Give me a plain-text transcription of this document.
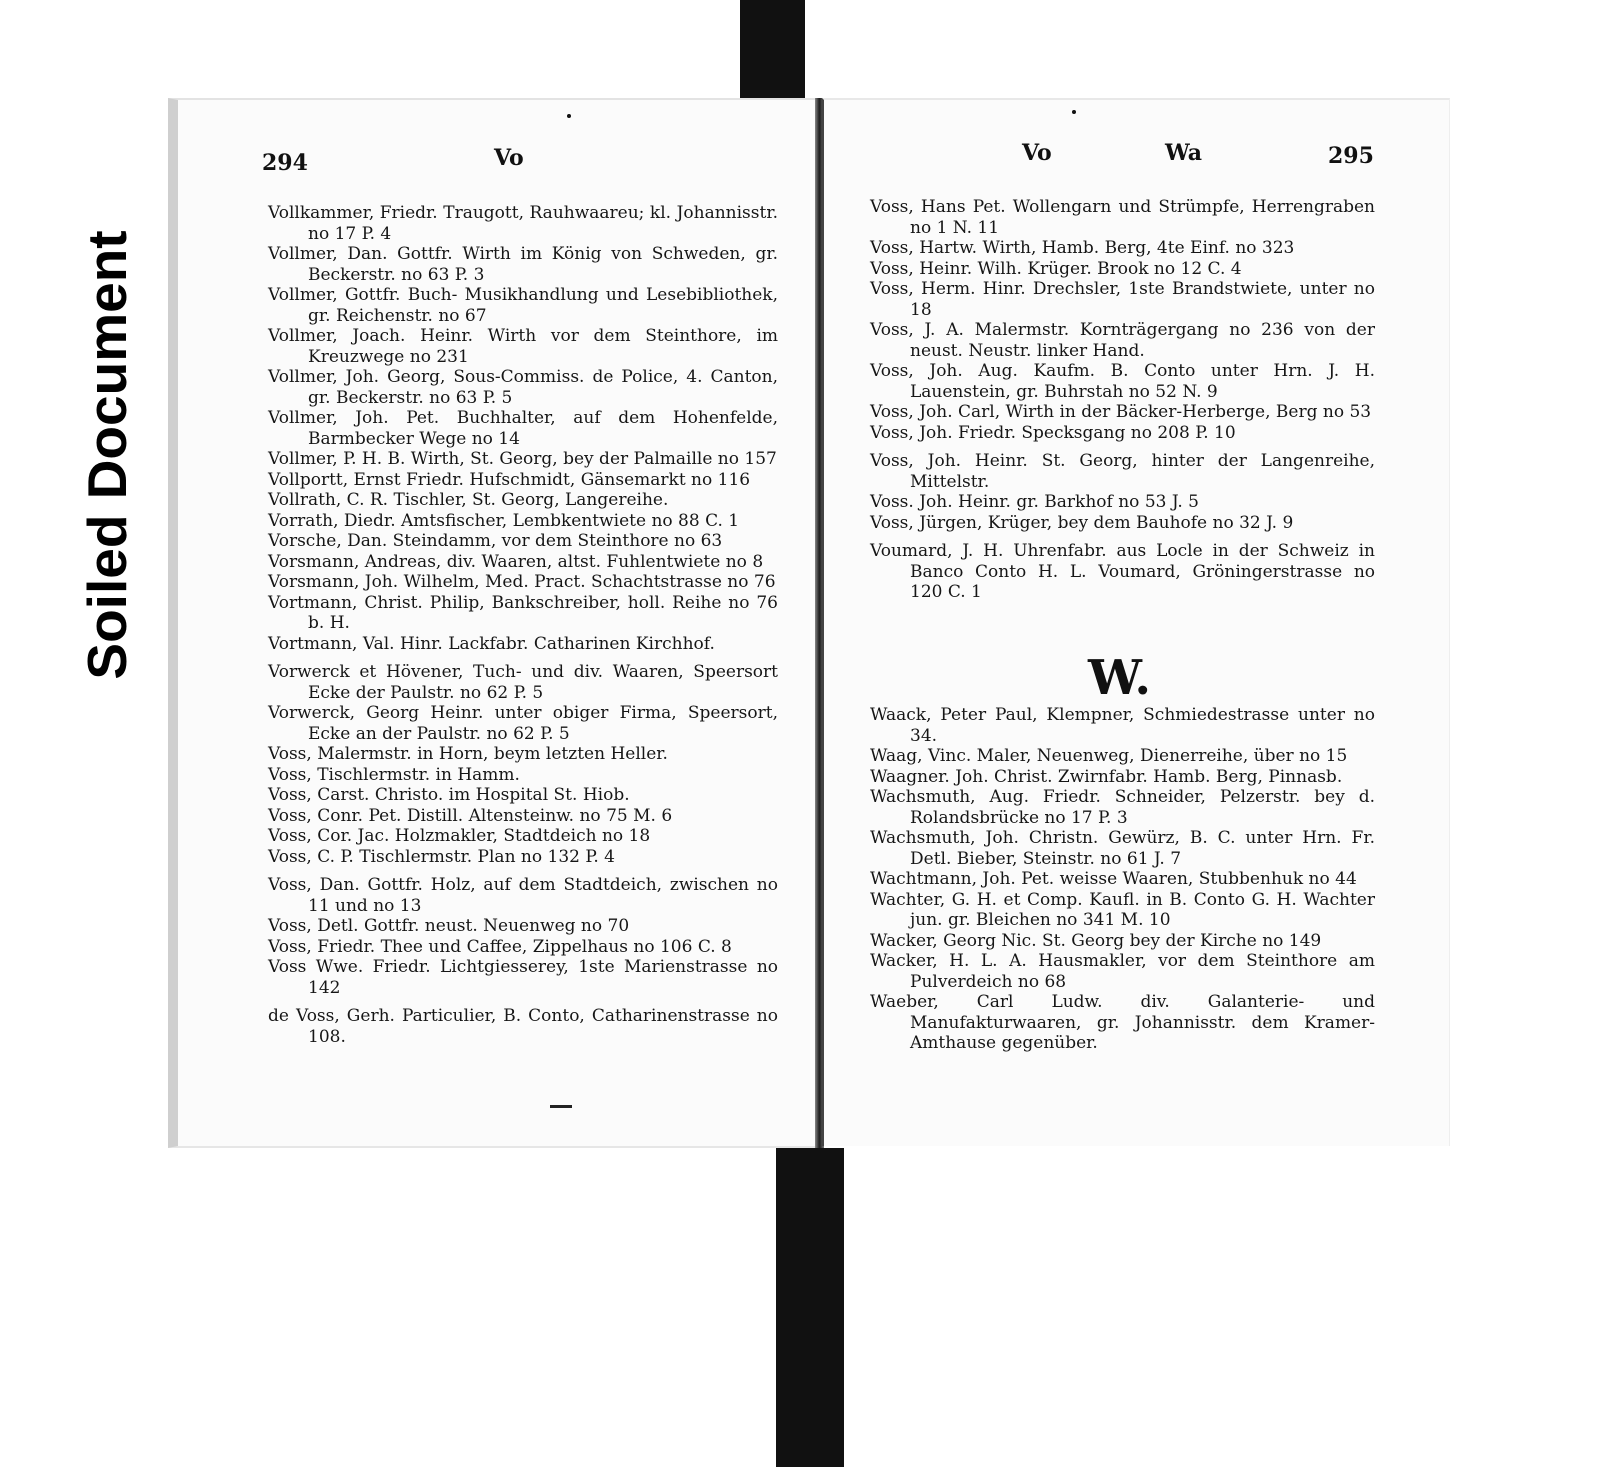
Soiled Document
294	Vo
Vollkammer, Friedr. Traugott, Rauhwaareu; kl. Johannisstr. no 17 P. 4
Vollmer, Dan. Gottfr. Wirth im König von Schweden, gr. Beckerstr. no 63 P. 3
Vollmer, Gottfr. Buch- Musikhandlung und Lesebibliothek, gr. Reichenstr. no 67
Vollmer, Joach. Heinr. Wirth vor dem Steinthore, im Kreuzwege no 231
Vollmer, Joh. Georg, Sous-Commiss. de Police, 4. Canton, gr. Beckerstr. no 63 P. 5
Vollmer, Joh. Pet. Buchhalter, auf dem Hohenfelde, Barmbecker Wege no 14
Vollmer, P. H. B. Wirth, St. Georg, bey der Palmaille no 157
Vollportt, Ernst Friedr. Hufschmidt, Gänsemarkt no 116
Vollrath, C. R. Tischler, St. Georg, Langereihe.
Vorrath, Diedr. Amtsfischer, Lembkentwiete no 88 C. 1
Vorsche, Dan. Steindamm, vor dem Steinthore no 63
Vorsmann, Andreas, div. Waaren, altst. Fuhlentwiete no 8
Vorsmann, Joh. Wilhelm, Med. Pract. Schachtstrasse no 76
Vortmann, Christ. Philip, Bankschreiber, holl. Reihe no 76 b. H.
Vortmann, Val. Hinr. Lackfabr. Catharinen Kirchhof.
Vorwerck et Hövener, Tuch- und div. Waaren, Speersort Ecke der Paulstr. no 62 P. 5
Vorwerck, Georg Heinr. unter obiger Firma, Speersort, Ecke an der Paulstr. no 62 P. 5
Voss, Malermstr. in Horn, beym letzten Heller.
Voss, Tischlermstr. in Hamm.
Voss, Carst. Christo. im Hospital St. Hiob.
Voss, Conr. Pet. Distill. Altensteinw. no 75 M. 6
Voss, Cor. Jac. Holzmakler, Stadtdeich no 18
Voss, C. P. Tischlermstr. Plan no 132 P. 4
Voss, Dan. Gottfr. Holz, auf dem Stadtdeich, zwischen no 11 und no 13
Voss, Detl. Gottfr. neust. Neuenweg no 70
Voss, Friedr. Thee und Caffee, Zippelhaus no 106 C. 8
Voss Wwe. Friedr. Lichtgiesserey, 1ste Marienstrasse no 142
de Voss, Gerh. Particulier, B. Conto, Catharinenstrasse no 108.
Vo	Wa	295
Voss, Hans Pet. Wollengarn und Strümpfe, Herrengraben no 1 N. 11
Voss, Hartw. Wirth, Hamb. Berg, 4te Einf. no 323
Voss, Heinr. Wilh. Krüger. Brook no 12 C. 4
Voss, Herm. Hinr. Drechsler, 1ste Brandstwiete, unter no 18
Voss, J. A. Malermstr. Kornträgergang no 236 von der neust. Neustr. linker Hand.
Voss, Joh. Aug. Kaufm. B. Conto unter Hrn. J. H. Lauenstein, gr. Buhrstah no 52 N. 9
Voss, Joh. Carl, Wirth in der Bäcker-Herberge, Berg no 53
Voss, Joh. Friedr. Specksgang no 208 P. 10
Voss, Joh. Heinr. St. Georg, hinter der Langenreihe, Mittelstr.
Voss. Joh. Heinr. gr. Barkhof no 53 J. 5
Voss, Jürgen, Krüger, bey dem Bauhofe no 32 J. 9
Voumard, J. H. Uhrenfabr. aus Locle in der Schweiz in Banco Conto H. L. Voumard, Gröningerstrasse no 120 C. 1
W.
Waack, Peter Paul, Klempner, Schmiedestrasse unter no 34.
Waag, Vinc. Maler, Neuenweg, Dienerreihe, über no 15
Waagner. Joh. Christ. Zwirnfabr. Hamb. Berg, Pinnasb.
Wachsmuth, Aug. Friedr. Schneider, Pelzerstr. bey d. Rolandsbrücke no 17 P. 3
Wachsmuth, Joh. Christn. Gewürz, B. C. unter Hrn. Fr. Detl. Bieber, Steinstr. no 61 J. 7
Wachtmann, Joh. Pet. weisse Waaren, Stubbenhuk no 44
Wachter, G. H. et Comp. Kaufl. in B. Conto G. H. Wachter jun. gr. Bleichen no 341 M. 10
Wacker, Georg Nic. St. Georg bey der Kirche no 149
Wacker, H. L. A. Hausmakler, vor dem Steinthore am Pulverdeich no 68
Waeber, Carl Ludw. div. Galanterie- und Manufakturwaaren, gr. Johannisstr. dem Kramer-Amthause gegenüber.
